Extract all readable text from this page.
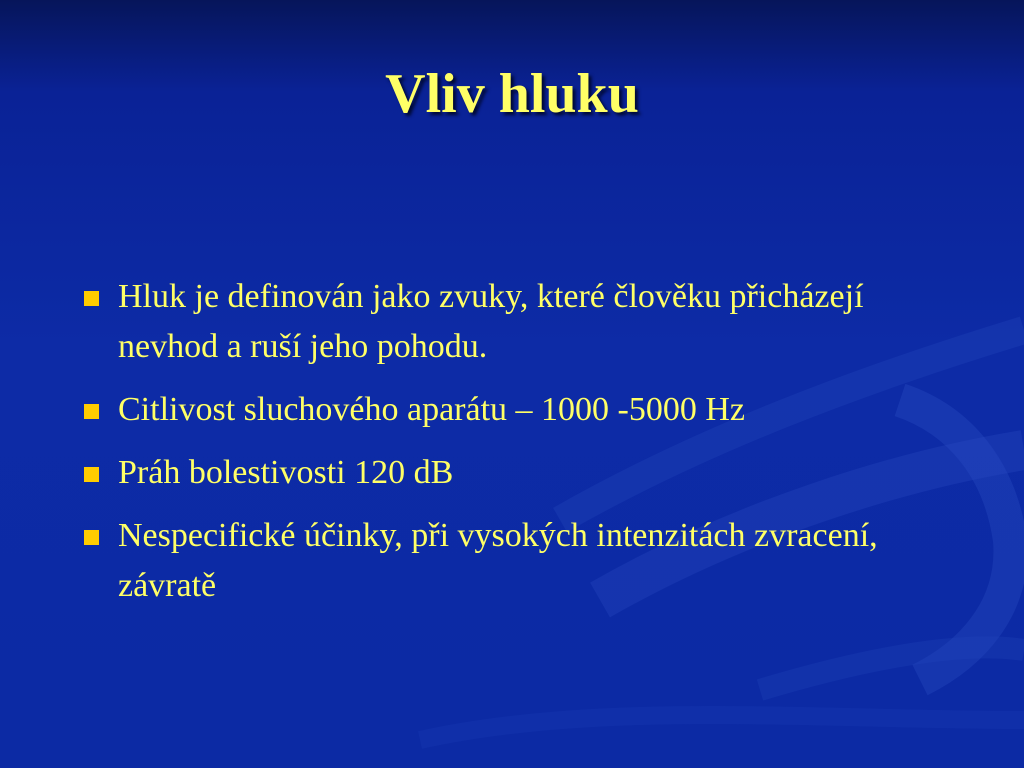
Vliv hluku
Hluk je definován jako zvuky, které člověku přicházejí nevhod a ruší jeho pohodu.
Citlivost sluchového aparátu – 1000 -5000 Hz
Práh bolestivosti 120 dB
Nespecifické účinky, při vysokých intenzitách zvracení, závratě
